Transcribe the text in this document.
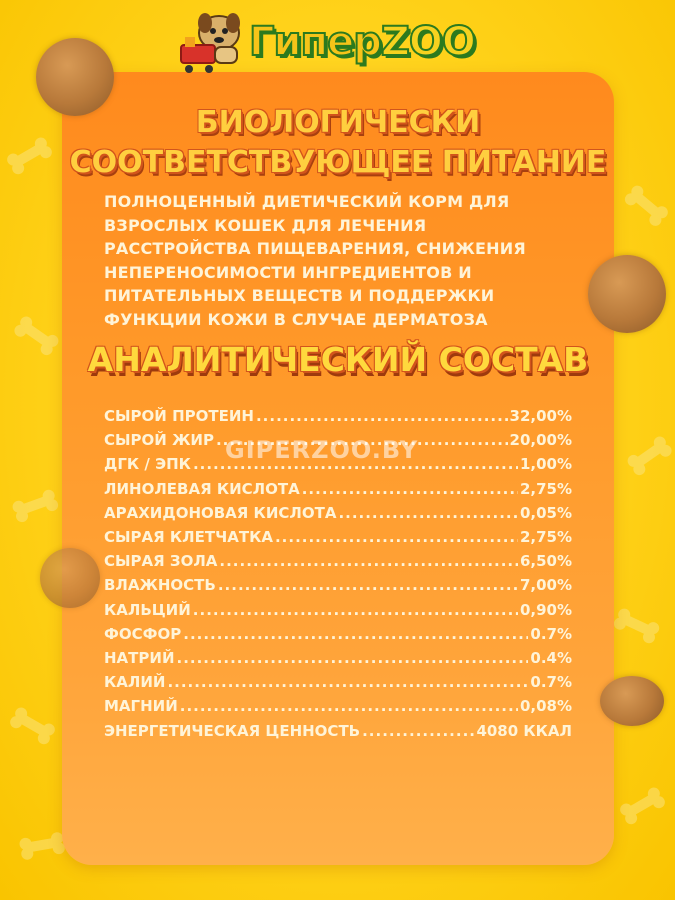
ГиперZOO
БИОЛОГИЧЕСКИ
СООТВЕТСТВУЮЩЕЕ ПИТАНИЕ
ПОЛНОЦЕННЫЙ ДИЕТИЧЕСКИЙ КОРМ ДЛЯ ВЗРОСЛЫХ КОШЕК ДЛЯ ЛЕЧЕНИЯ РАССТРОЙСТВА ПИЩЕВАРЕНИЯ, СНИЖЕНИЯ НЕПЕРЕНОСИМОСТИ ИНГРЕДИЕНТОВ И ПИТАТЕЛЬНЫХ ВЕЩЕСТВ И ПОДДЕРЖКИ ФУНКЦИИ КОЖИ В СЛУЧАЕ ДЕРМАТОЗА
АНАЛИТИЧЕСКИЙ СОСТАВ
СЫРОЙ ПРОТЕИН .....	32,00%
СЫРОЙ ЖИР .....	20,00%
ДГК / ЭПК .....	1,00%
ЛИНОЛЕВАЯ КИСЛОТА .....	2,75%
АРАХИДОНОВАЯ КИСЛОТА .....	0,05%
СЫРАЯ КЛЕТЧАТКА .....	2,75%
СЫРАЯ ЗОЛА .....	6,50%
ВЛАЖНОСТЬ .....	7,00%
КАЛЬЦИЙ .....	0,90%
ФОСФОР .....	0.7%
НАТРИЙ .....	0.4%
КАЛИЙ .....	0.7%
МАГНИЙ .....	0,08%
ЭНЕРГЕТИЧЕСКАЯ ЦЕННОСТЬ .....	4080 ККАЛ
GIPERZOO.BY
